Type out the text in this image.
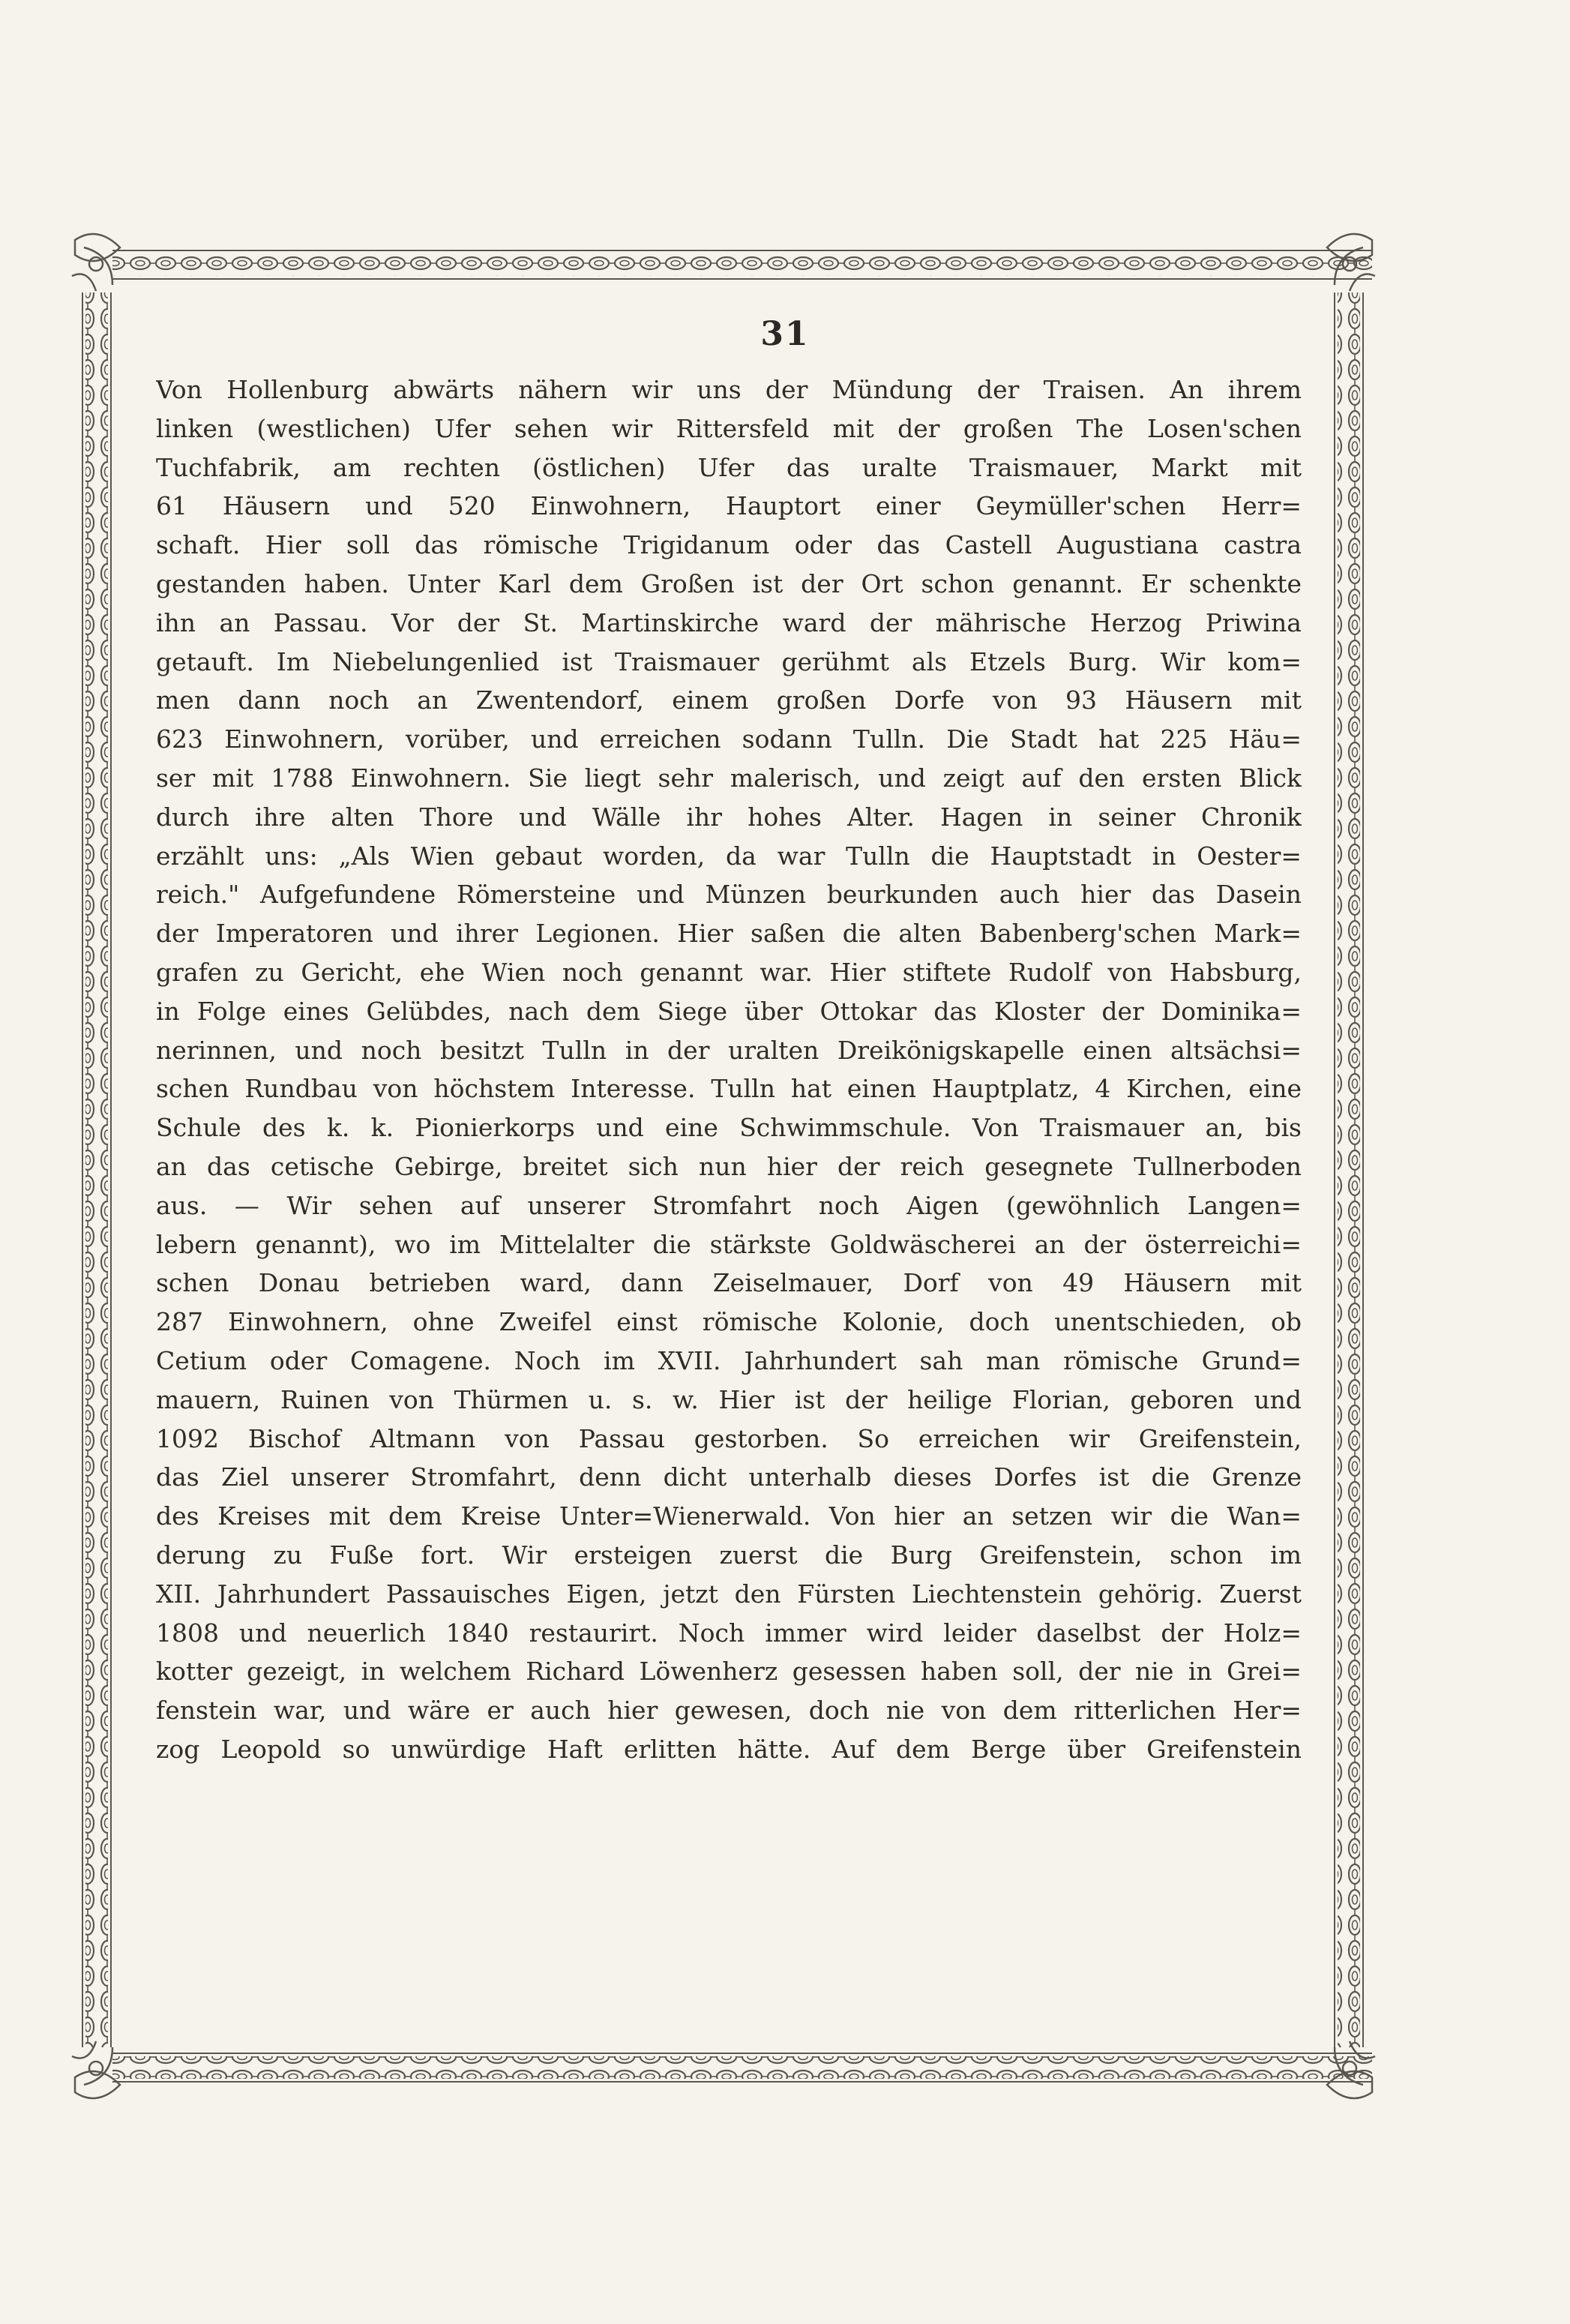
31
Von Hollenburg abwärts nähern wir uns der Mündung der Traisen. An ihrem
linken (westlichen) Ufer sehen wir Rittersfeld mit der großen The Losen'schen
Tuchfabrik, am rechten (östlichen) Ufer das uralte Traismauer, Markt mit
61 Häusern und 520 Einwohnern, Hauptort einer Geymüller'schen Herr=
schaft. Hier soll das römische Trigidanum oder das Castell Augustiana castra
gestanden haben. Unter Karl dem Großen ist der Ort schon genannt. Er schenkte
ihn an Passau. Vor der St. Martinskirche ward der mährische Herzog Priwina
getauft. Im Niebelungenlied ist Traismauer gerühmt als Etzels Burg. Wir kom=
men dann noch an Zwentendorf, einem großen Dorfe von 93 Häusern mit
623 Einwohnern, vorüber, und erreichen sodann Tulln. Die Stadt hat 225 Häu=
ser mit 1788 Einwohnern. Sie liegt sehr malerisch, und zeigt auf den ersten Blick
durch ihre alten Thore und Wälle ihr hohes Alter. Hagen in seiner Chronik
erzählt uns: „Als Wien gebaut worden, da war Tulln die Hauptstadt in Oester=
reich." Aufgefundene Römersteine und Münzen beurkunden auch hier das Dasein
der Imperatoren und ihrer Legionen. Hier saßen die alten Babenberg'schen Mark=
grafen zu Gericht, ehe Wien noch genannt war. Hier stiftete Rudolf von Habsburg,
in Folge eines Gelübdes, nach dem Siege über Ottokar das Kloster der Dominika=
nerinnen, und noch besitzt Tulln in der uralten Dreikönigskapelle einen altsächsi=
schen Rundbau von höchstem Interesse. Tulln hat einen Hauptplatz, 4 Kirchen, eine
Schule des k. k. Pionierkorps und eine Schwimmschule. Von Traismauer an, bis
an das cetische Gebirge, breitet sich nun hier der reich gesegnete Tullnerboden
aus. — Wir sehen auf unserer Stromfahrt noch Aigen (gewöhnlich Langen=
lebern genannt), wo im Mittelalter die stärkste Goldwäscherei an der österreichi=
schen Donau betrieben ward, dann Zeiselmauer, Dorf von 49 Häusern mit
287 Einwohnern, ohne Zweifel einst römische Kolonie, doch unentschieden, ob
Cetium oder Comagene. Noch im XVII. Jahrhundert sah man römische Grund=
mauern, Ruinen von Thürmen u. s. w. Hier ist der heilige Florian, geboren und
1092 Bischof Altmann von Passau gestorben. So erreichen wir Greifenstein,
das Ziel unserer Stromfahrt, denn dicht unterhalb dieses Dorfes ist die Grenze
des Kreises mit dem Kreise Unter=Wienerwald. Von hier an setzen wir die Wan=
derung zu Fuße fort. Wir ersteigen zuerst die Burg Greifenstein, schon im
XII. Jahrhundert Passauisches Eigen, jetzt den Fürsten Liechtenstein gehörig. Zuerst
1808 und neuerlich 1840 restaurirt. Noch immer wird leider daselbst der Holz=
kotter gezeigt, in welchem Richard Löwenherz gesessen haben soll, der nie in Grei=
fenstein war, und wäre er auch hier gewesen, doch nie von dem ritterlichen Her=
zog Leopold so unwürdige Haft erlitten hätte. Auf dem Berge über Greifenstein
